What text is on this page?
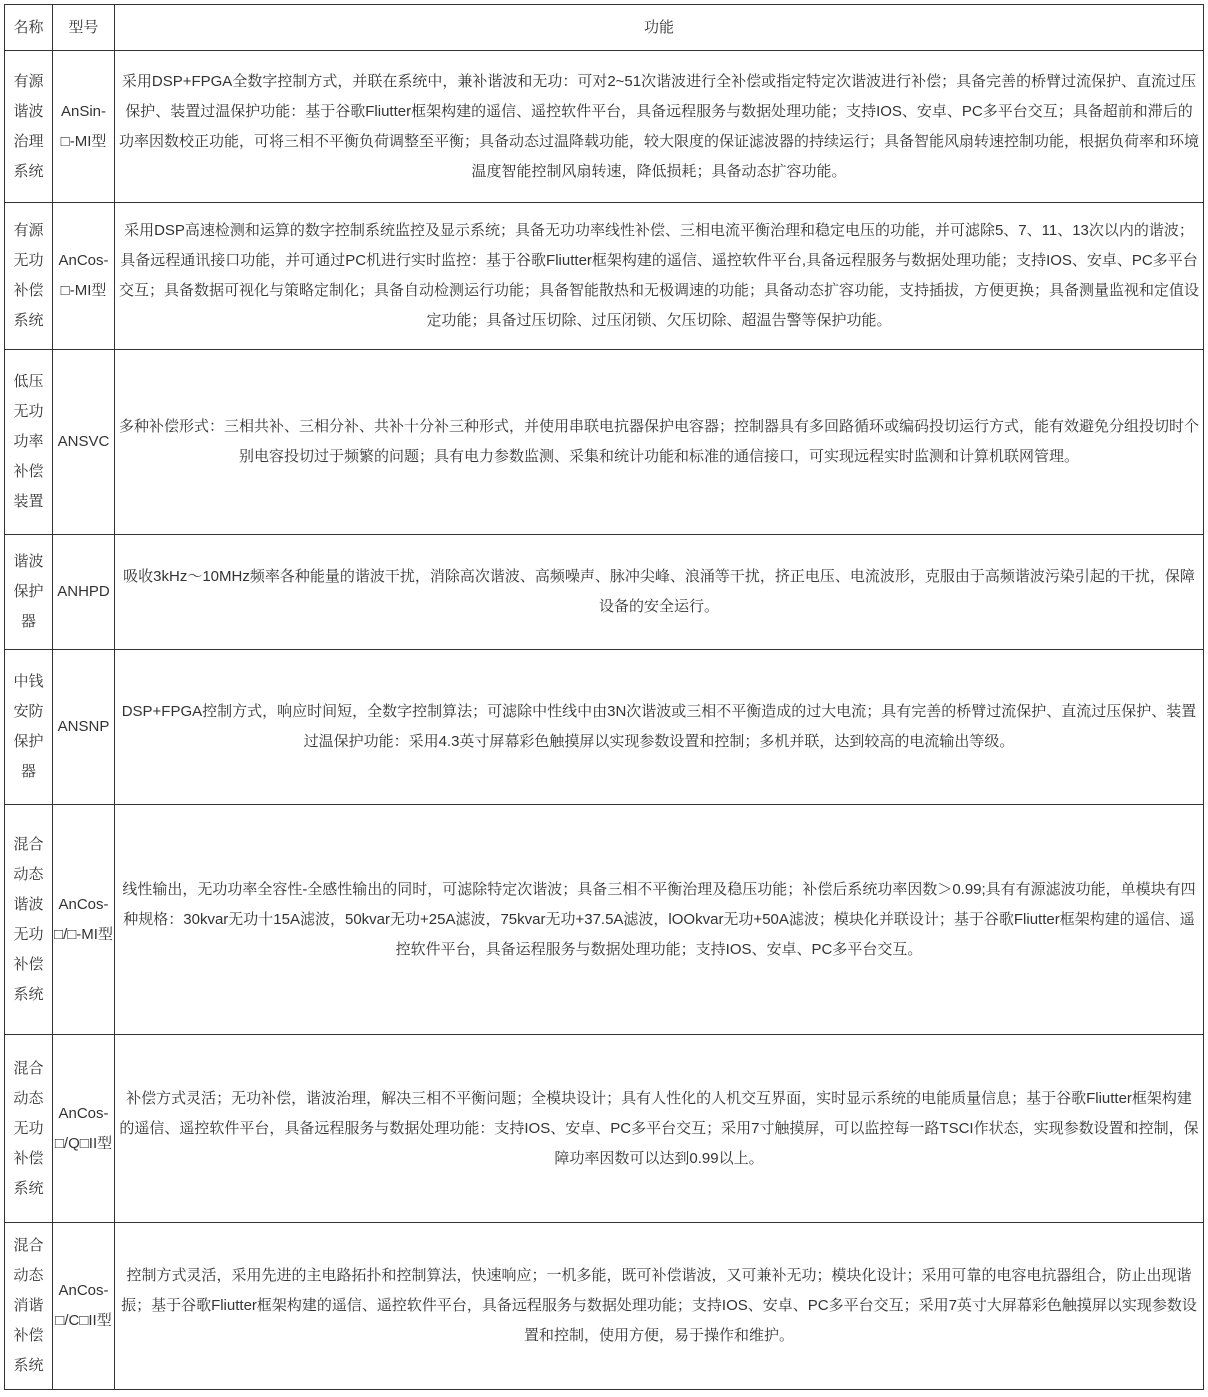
名称	型号	功能
有源谐波治理系统	AnSin-□-MI型	采用DSP+FPGA全数字控制方式，并联在系统中，兼补谐波和无功：可对2~51次谐波进行全补偿或指定特定次谐波进行补偿；具备完善的桥臂过流保护、直流过压保护、装置过温保护功能：基于谷歌Fliutter框架构建的遥信、遥控软件平台，具备远程服务与数据处理功能；支持IOS、安卓、PC多平台交互；具备超前和滞后的功率因数校正功能，可将三相不平衡负荷调整至平衡；具备动态过温降载功能，较大限度的保证滤波器的持续运行；具备智能风扇转速控制功能，根据负荷率和环境温度智能控制风扇转速，降低损耗；具备动态扩容功能。
有源无功补偿系统	AnCos-□-MI型	采用DSP高速检测和运算的数字控制系统监控及显示系统；具备无功功率线性补偿、三相电流平衡治理和稳定电压的功能，并可滤除5、7、11、13次以内的谐波；具备远程通讯接口功能，并可通过PC机进行实时监控：基于谷歌Fliutter框架构建的遥信、遥控软件平台,具备远程服务与数据处理功能；支持IOS、安卓、PC多平台交互；具备数据可视化与策略定制化；具备自动检测运行功能；具备智能散热和无极调速的功能；具备动态扩容功能，支持插拔，方便更换；具备测量监视和定值设定功能；具备过压切除、过压闭锁、欠压切除、超温告警等保护功能。
低压无功功率补偿装置	ANSVC	多种补偿形式：三相共补、三相分补、共补十分补三种形式，并使用串联电抗器保护电容器；控制器具有多回路循环或编码投切运行方式，能有效避免分组投切时个别电容投切过于频繁的问题；具有电力参数监测、采集和统计功能和标准的通信接口，可实现远程实时监测和计算机联网管理。
谐波保护器	ANHPD	吸收3kHz〜10MHz频率各种能量的谐波干扰，消除高次谐波、高频噪声、脉冲尖峰、浪涌等干扰，挤正电压、电流波形，克服由于高频谐波污染引起的干扰，保障设备的安全运行。
中钱安防保护器	ANSNP	DSP+FPGA控制方式，响应时间短，全数字控制算法；可滤除中性线中由3N次谐波或三相不平衡造成的过大电流；具有完善的桥臂过流保护、直流过压保护、装置过温保护功能：采用4.3英寸屏幕彩色触摸屏以实现参数设置和控制；多机并联，达到较高的电流输出等级。
混合动态谐波无功补偿系统	AnCos-□/□-MI型	线性输出，无功功率全容性-全感性输出的同时，可滤除特定次谐波；具备三相不平衡治理及稳压功能；补偿后系统功率因数＞0.99;具有有源滤波功能，单模块有四种规格：30kvar无功十15A滤波，50kvar无功+25A滤波，75kvar无功+37.5A滤波，lOOkvar无功+50A滤波；模块化并联设计；基于谷歌Fliutter框架构建的遥信、遥控软件平台，具备运程服务与数据处理功能；支持IOS、安卓、PC多平台交互。
混合动态无功补偿系统	AnCos-□/Q□II型	补偿方式灵活；无功补偿，谐波治理，解决三相不平衡问题；全模块设计；具有人性化的人机交互界面，实时显示系统的电能质量信息；基于谷歌Fliutter框架构建的遥信、遥控软件平台，具备远程服务与数据处理功能：支持IOS、安卓、PC多平台交互；采用7寸触摸屏，可以监控每一路TSCI作状态，实现参数设置和控制，保障功率因数可以达到0.99以上。
混合动态消谐补偿系统	AnCos-□/C□II型	控制方式灵活，采用先进的主电路拓扑和控制算法，快速响应；一机多能，既可补偿谐波，又可兼补无功；模块化设计；采用可靠的电容电抗器组合，防止出现谐振；基于谷歌Fliutter框架构建的遥信、遥控软件平台，具备远程服务与数据处理功能；支持IOS、安卓、PC多平台交互；采用7英寸大屏幕彩色触摸屏以实现参数设置和控制，使用方便，易于操作和维护。
